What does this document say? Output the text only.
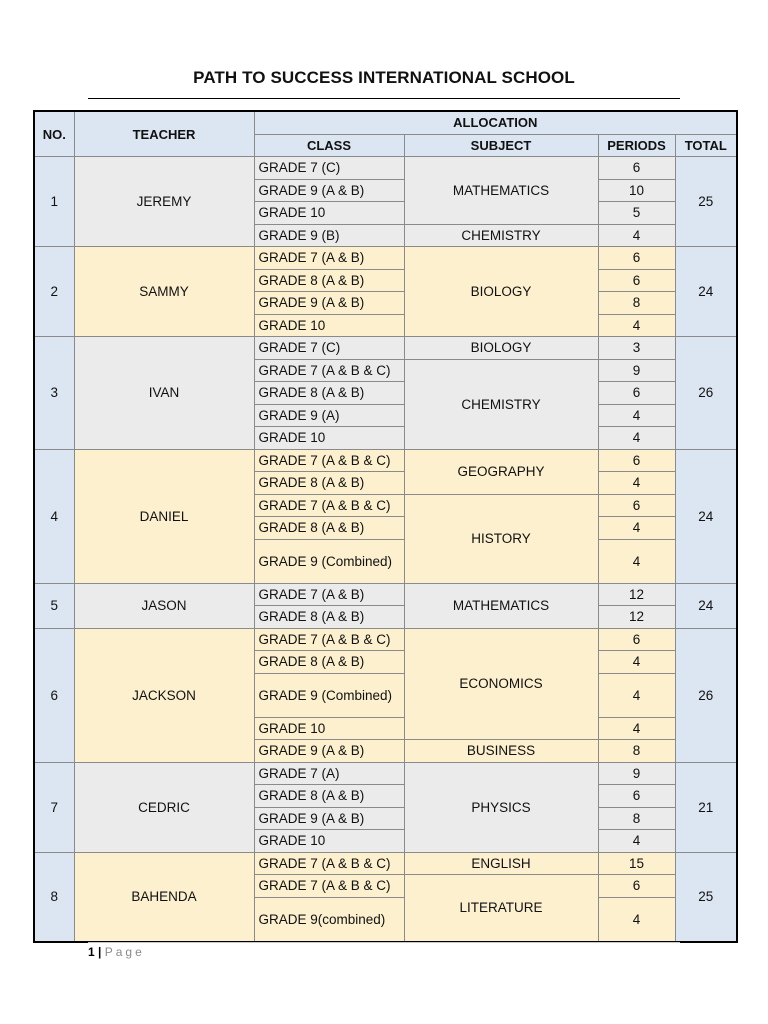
PATH TO SUCCESS INTERNATIONAL SCHOOL
NO.	TEACHER	ALLOCATION			
		CLASS	SUBJECT	PERIODS	TOTAL
1	JEREMY	GRADE 7 (C)	MATHEMATICS	6	25
		GRADE 9 (A & B)		10	
		GRADE 10		5	
		GRADE 9 (B)	CHEMISTRY	4	
2	SAMMY	GRADE 7 (A & B)	BIOLOGY	6	24
		GRADE 8 (A & B)		6	
		GRADE 9 (A & B)		8	
		GRADE 10		4	
3	IVAN	GRADE 7 (C)	BIOLOGY	3	26
		GRADE 7 (A & B & C)	CHEMISTRY	9	
		GRADE 8 (A & B)		6	
		GRADE 9 (A)		4	
		GRADE 10		4	
4	DANIEL	GRADE 7 (A & B & C)	GEOGRAPHY	6	24
		GRADE 8 (A & B)		4	
		GRADE 7 (A & B & C)	HISTORY	6	
		GRADE 8 (A & B)		4	
		GRADE 9 (Combined)		4	
5	JASON	GRADE 7 (A & B)	MATHEMATICS	12	24
		GRADE 8 (A & B)		12	
6	JACKSON	GRADE 7 (A & B & C)	ECONOMICS	6	26
		GRADE 8 (A & B)		4	
		GRADE 9 (Combined)		4	
		GRADE 10		4	
		GRADE 9 (A & B)	BUSINESS	8	
7	CEDRIC	GRADE 7 (A)	PHYSICS	9	21
		GRADE 8 (A & B)		6	
		GRADE 9 (A & B)		8	
		GRADE 10		4	
8	BAHENDA	GRADE 7 (A & B & C)	ENGLISH	15	25
		GRADE 7 (A & B & C)	LITERATURE	6	
		GRADE 9(combined)		4	
1 | Page
